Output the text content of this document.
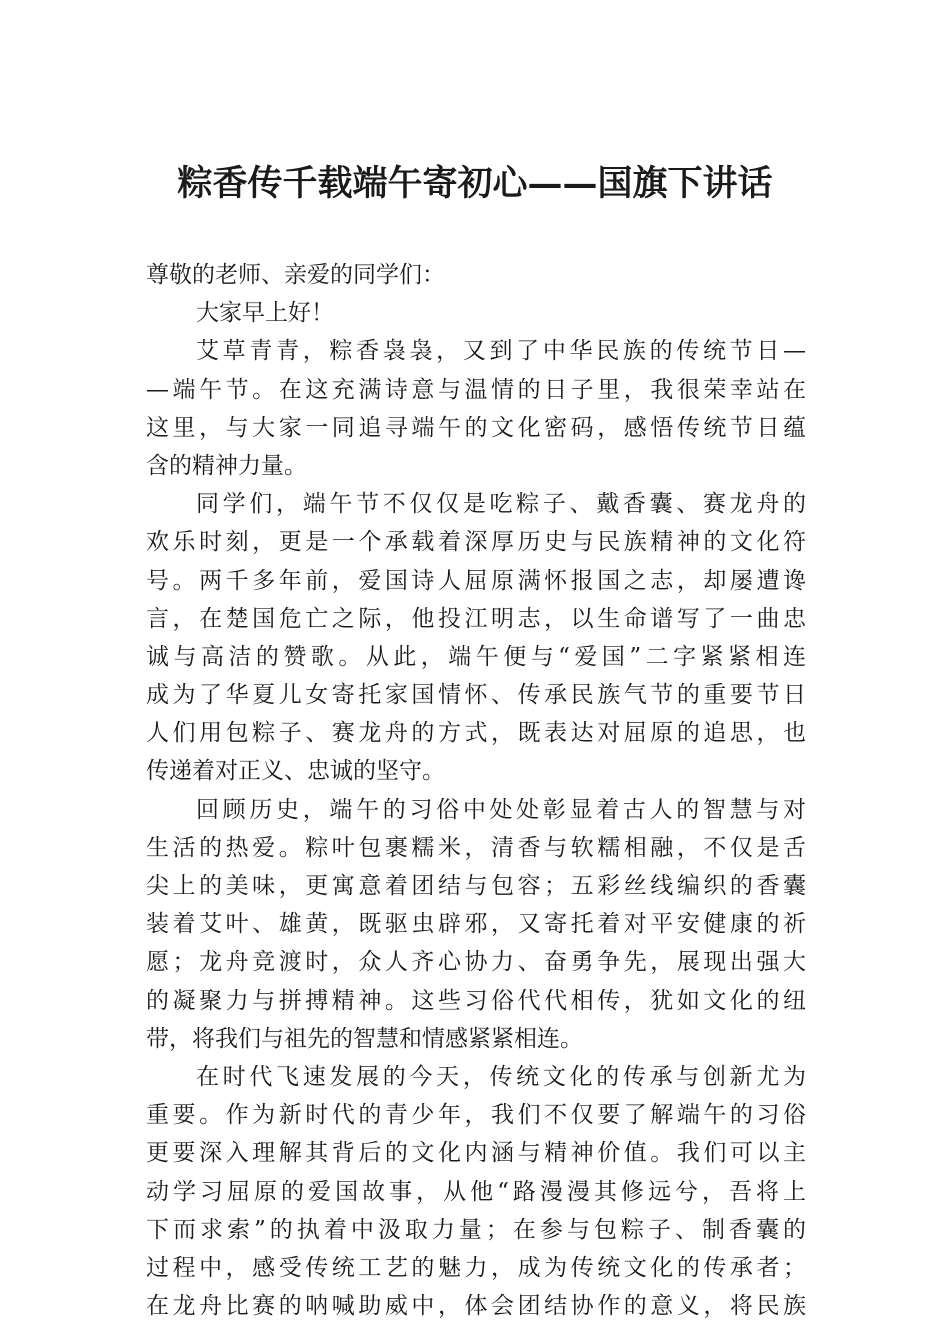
粽香传千载端午寄初心——国旗下讲话
尊敬的老师、亲爱的同学们：
大家早上好！
艾草青青，粽香袅袅，又到了中华民族的传统节日—
—端午节。在这充满诗意与温情的日子里，我很荣幸站在
这里，与大家一同追寻端午的文化密码，感悟传统节日蕴
含的精神力量。
同学们，端午节不仅仅是吃粽子、戴香囊、赛龙舟的
欢乐时刻，更是一个承载着深厚历史与民族精神的文化符
号。两千多年前，爱国诗人屈原满怀报国之志，却屡遭谗
言，在楚国危亡之际，他投江明志，以生命谱写了一曲忠
诚与高洁的赞歌。从此，端午便与“爱国”二字紧紧相连
成为了华夏儿女寄托家国情怀、传承民族气节的重要节日
人们用包粽子、赛龙舟的方式，既表达对屈原的追思，也
传递着对正义、忠诚的坚守。
回顾历史，端午的习俗中处处彰显着古人的智慧与对
生活的热爱。粽叶包裹糯米，清香与软糯相融，不仅是舌
尖上的美味，更寓意着团结与包容；五彩丝线编织的香囊
装着艾叶、雄黄，既驱虫辟邪，又寄托着对平安健康的祈
愿；龙舟竞渡时，众人齐心协力、奋勇争先，展现出强大
的凝聚力与拼搏精神。这些习俗代代相传，犹如文化的纽
带，将我们与祖先的智慧和情感紧紧相连。
在时代飞速发展的今天，传统文化的传承与创新尤为
重要。作为新时代的青少年，我们不仅要了解端午的习俗
更要深入理解其背后的文化内涵与精神价值。我们可以主
动学习屈原的爱国故事，从他“路漫漫其修远兮，吾将上
下而求索”的执着中汲取力量；在参与包粽子、制香囊的
过程中，感受传统工艺的魅力，成为传统文化的传承者；
在龙舟比赛的呐喊助威中，体会团结协作的意义，将民族
